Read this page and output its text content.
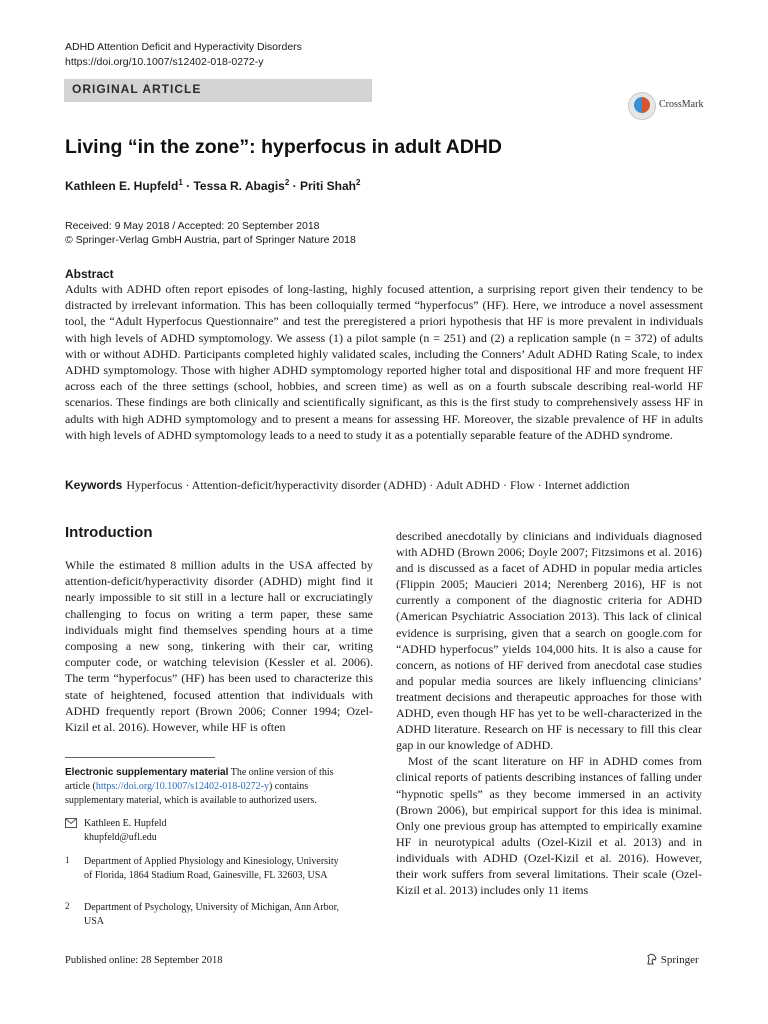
ADHD Attention Deficit and Hyperactivity Disorders
https://doi.org/10.1007/s12402-018-0272-y
ORIGINAL ARTICLE
CrossMark
Living “in the zone”: hyperfocus in adult ADHD
Kathleen E. Hupfeld$^1$ · Tessa R. Abagis$^2$ · Priti Shah$^2$
Received: 9 May 2018 / Accepted: 20 September 2018
© Springer-Verlag GmbH Austria, part of Springer Nature 2018
Abstract
Adults with ADHD often report episodes of long-lasting, highly focused attention, a surprising report given their tendency to be distracted by irrelevant information. This has been colloquially termed “hyperfocus” (HF). Here, we introduce a novel assessment tool, the “Adult Hyperfocus Questionnaire” and test the preregistered a priori hypothesis that HF is more prevalent in individuals with high levels of ADHD symptomology. We assess (1) a pilot sample (n = 251) and (2) a replication sample (n = 372) of adults with or without ADHD. Participants completed highly validated scales, including the Conners’ Adult ADHD Rating Scale, to index ADHD symptomology. Those with higher ADHD symptomology reported higher total and dispositional HF and more frequent HF across each of the three settings (school, hobbies, and screen time) as well as on a fourth subscale describing real-world HF scenarios. These findings are both clinically and scientifically significant, as this is the first study to comprehensively assess HF in adults with high ADHD symptomology and to present a means for assessing HF. Moreover, the sizable prevalence of HF in adults with high levels of ADHD symptomology leads to a need to study it as a potentially separable feature of the ADHD syndrome.
Keywords Hyperfocus · Attention-deficit/hyperactivity disorder (ADHD) · Adult ADHD · Flow · Internet addiction
Introduction
While the estimated 8 million adults in the USA affected by attention-deficit/hyperactivity disorder (ADHD) might find it nearly impossible to sit still in a lecture hall or excruciatingly challenging to focus on writing a term paper, these same individuals might find themselves spending hours at a time composing a new song, tinkering with their car, writing computer code, or watching television (Kessler et al. 2006). The term “hyperfocus” (HF) has been used to characterize this state of heightened, focused attention that individuals with ADHD frequently report (Brown 2006; Conner 1994; Ozel-Kizil et al. 2016). However, while HF is often

described anecdotally by clinicians and individuals diagnosed with ADHD (Brown 2006; Doyle 2007; Fitzsimons et al. 2016) and is discussed as a facet of ADHD in popular media articles (Flippin 2005; Maucieri 2014; Nerenberg 2016), HF is not currently a component of the diagnostic criteria for ADHD (American Psychiatric Association 2013). This lack of clinical evidence is surprising, given that a search on google.com for “ADHD hyperfocus” yields 104,000 hits. It is also a cause for concern, as notions of HF derived from anecdotal case studies and popular media sources are likely influencing clinicians’ treatment decisions and therapeutic approaches for those with ADHD, even though HF has yet to be well-characterized in the ADHD literature. Research on HF is necessary to fill this clear gap in our knowledge of ADHD.

Most of the scant literature on HF in ADHD comes from clinical reports of patients describing instances of falling under “hypnotic spells” as they become immersed in an activity (Brown 2006), but empirical support for this idea is minimal. Only one previous group has attempted to empirically examine HF in neurotypical adults (Ozel-Kizil et al. 2013) and in individuals with ADHD (Ozel-Kizil et al. 2016). However, their work suffers from several limitations. Their scale (Ozel-Kizil et al. 2013) includes only 11 items

Electronic supplementary material The online version of this article (https://doi.org/10.1007/s12402-018-0272-y) contains supplementary material, which is available to authorized users.
Kathleen E. Hupfeld
khupfeld@ufl.edu
1 Department of Applied Physiology and Kinesiology, University of Florida, 1864 Stadium Road, Gainesville, FL 32603, USA
2 Department of Psychology, University of Michigan, Ann Arbor, USA
Published online: 28 September 2018	Springer
